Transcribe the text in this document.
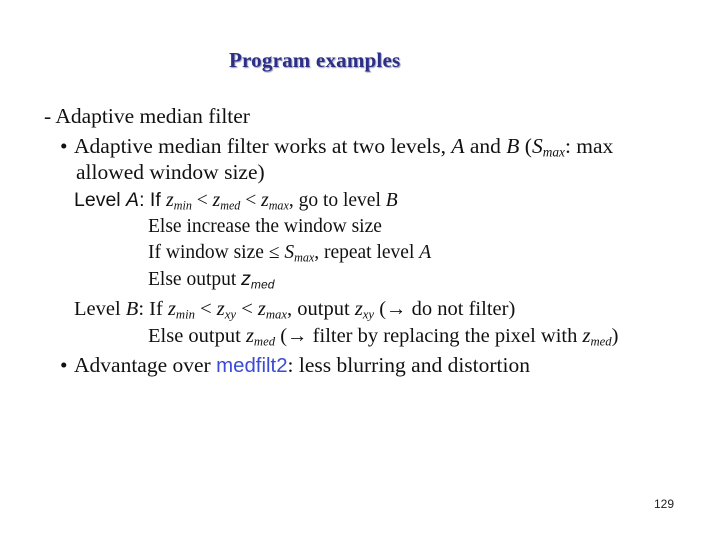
Program examples
- Adaptive median filter
• Adaptive median filter works at two levels, A and B ($S_{max}$: max
allowed window size)
Level A: If $z_{min} < z_{med} < z_{max}$, go to level B
Else increase the window size
If window size ≤ $S_{max}$, repeat level A
Else output $z_{med}$
Level B: If $z_{min} < z_{xy} < z_{max}$, output $z_{xy}$ (→ do not filter)
Else output $z_{med}$ (→ filter by replacing the pixel with $z_{med}$)
• Advantage over medfilt2: less blurring and distortion
129
